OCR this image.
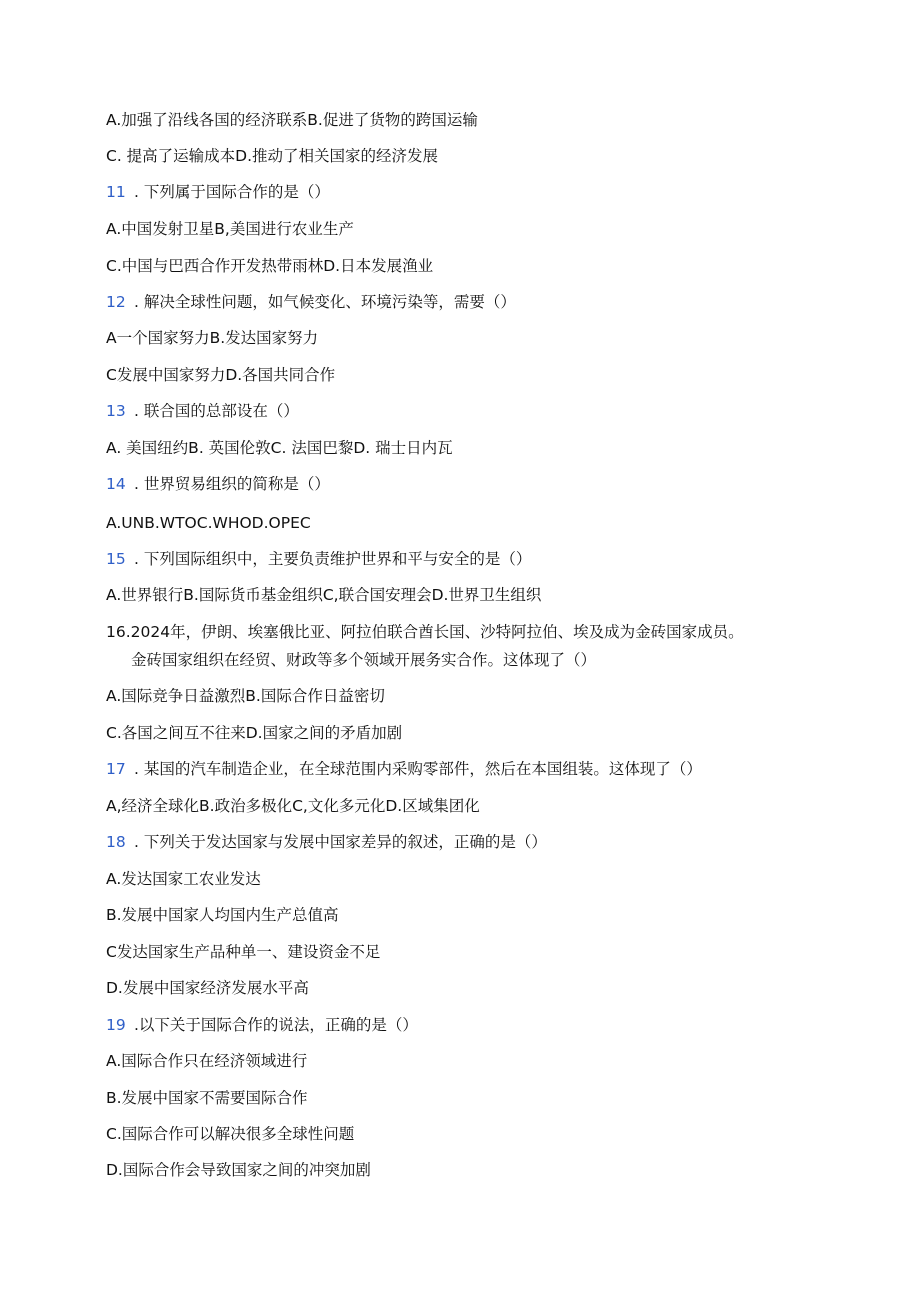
A.加强了沿线各国的经济联系B.促进了货物的跨国运输
C. 提高了运输成本D.推动了相关国家的经济发展
11 . 下列属于国际合作的是（）
A.中国发射卫星B,美国进行农业生产
C.中国与巴西合作开发热带雨林D.日本发展渔业
12 . 解决全球性问题，如气候变化、环境污染等，需要（）
A一个国家努力B.发达国家努力
C发展中国家努力D.各国共同合作
13 . 联合国的总部设在（）
A. 美国纽约B. 英国伦敦C. 法国巴黎D. 瑞士日内瓦
14 . 世界贸易组织的简称是（）
A.UNB.WTOC.WHOD.OPEC
15 . 下列国际组织中，主要负责维护世界和平与安全的是（）
A.世界银行B.国际货币基金组织C,联合国安理会D.世界卫生组织
16.2024年，伊朗、埃塞俄比亚、阿拉伯联合酋长国、沙特阿拉伯、埃及成为金砖国家成员。
金砖国家组织在经贸、财政等多个领域开展务实合作。这体现了（）
A.国际竞争日益激烈B.国际合作日益密切
C.各国之间互不往来D.国家之间的矛盾加剧
17 . 某国的汽车制造企业，在全球范围内采购零部件，然后在本国组装。这体现了（）
A,经济全球化B.政治多极化C,文化多元化D.区域集团化
18 . 下列关于发达国家与发展中国家差异的叙述，正确的是（）
A.发达国家工农业发达
B.发展中国家人均国内生产总值高
C发达国家生产品种单一、建设资金不足
D.发展中国家经济发展水平高
19 .以下关于国际合作的说法，正确的是（）
A.国际合作只在经济领域进行
B.发展中国家不需要国际合作
C.国际合作可以解决很多全球性问题
D.国际合作会导致国家之间的冲突加剧
